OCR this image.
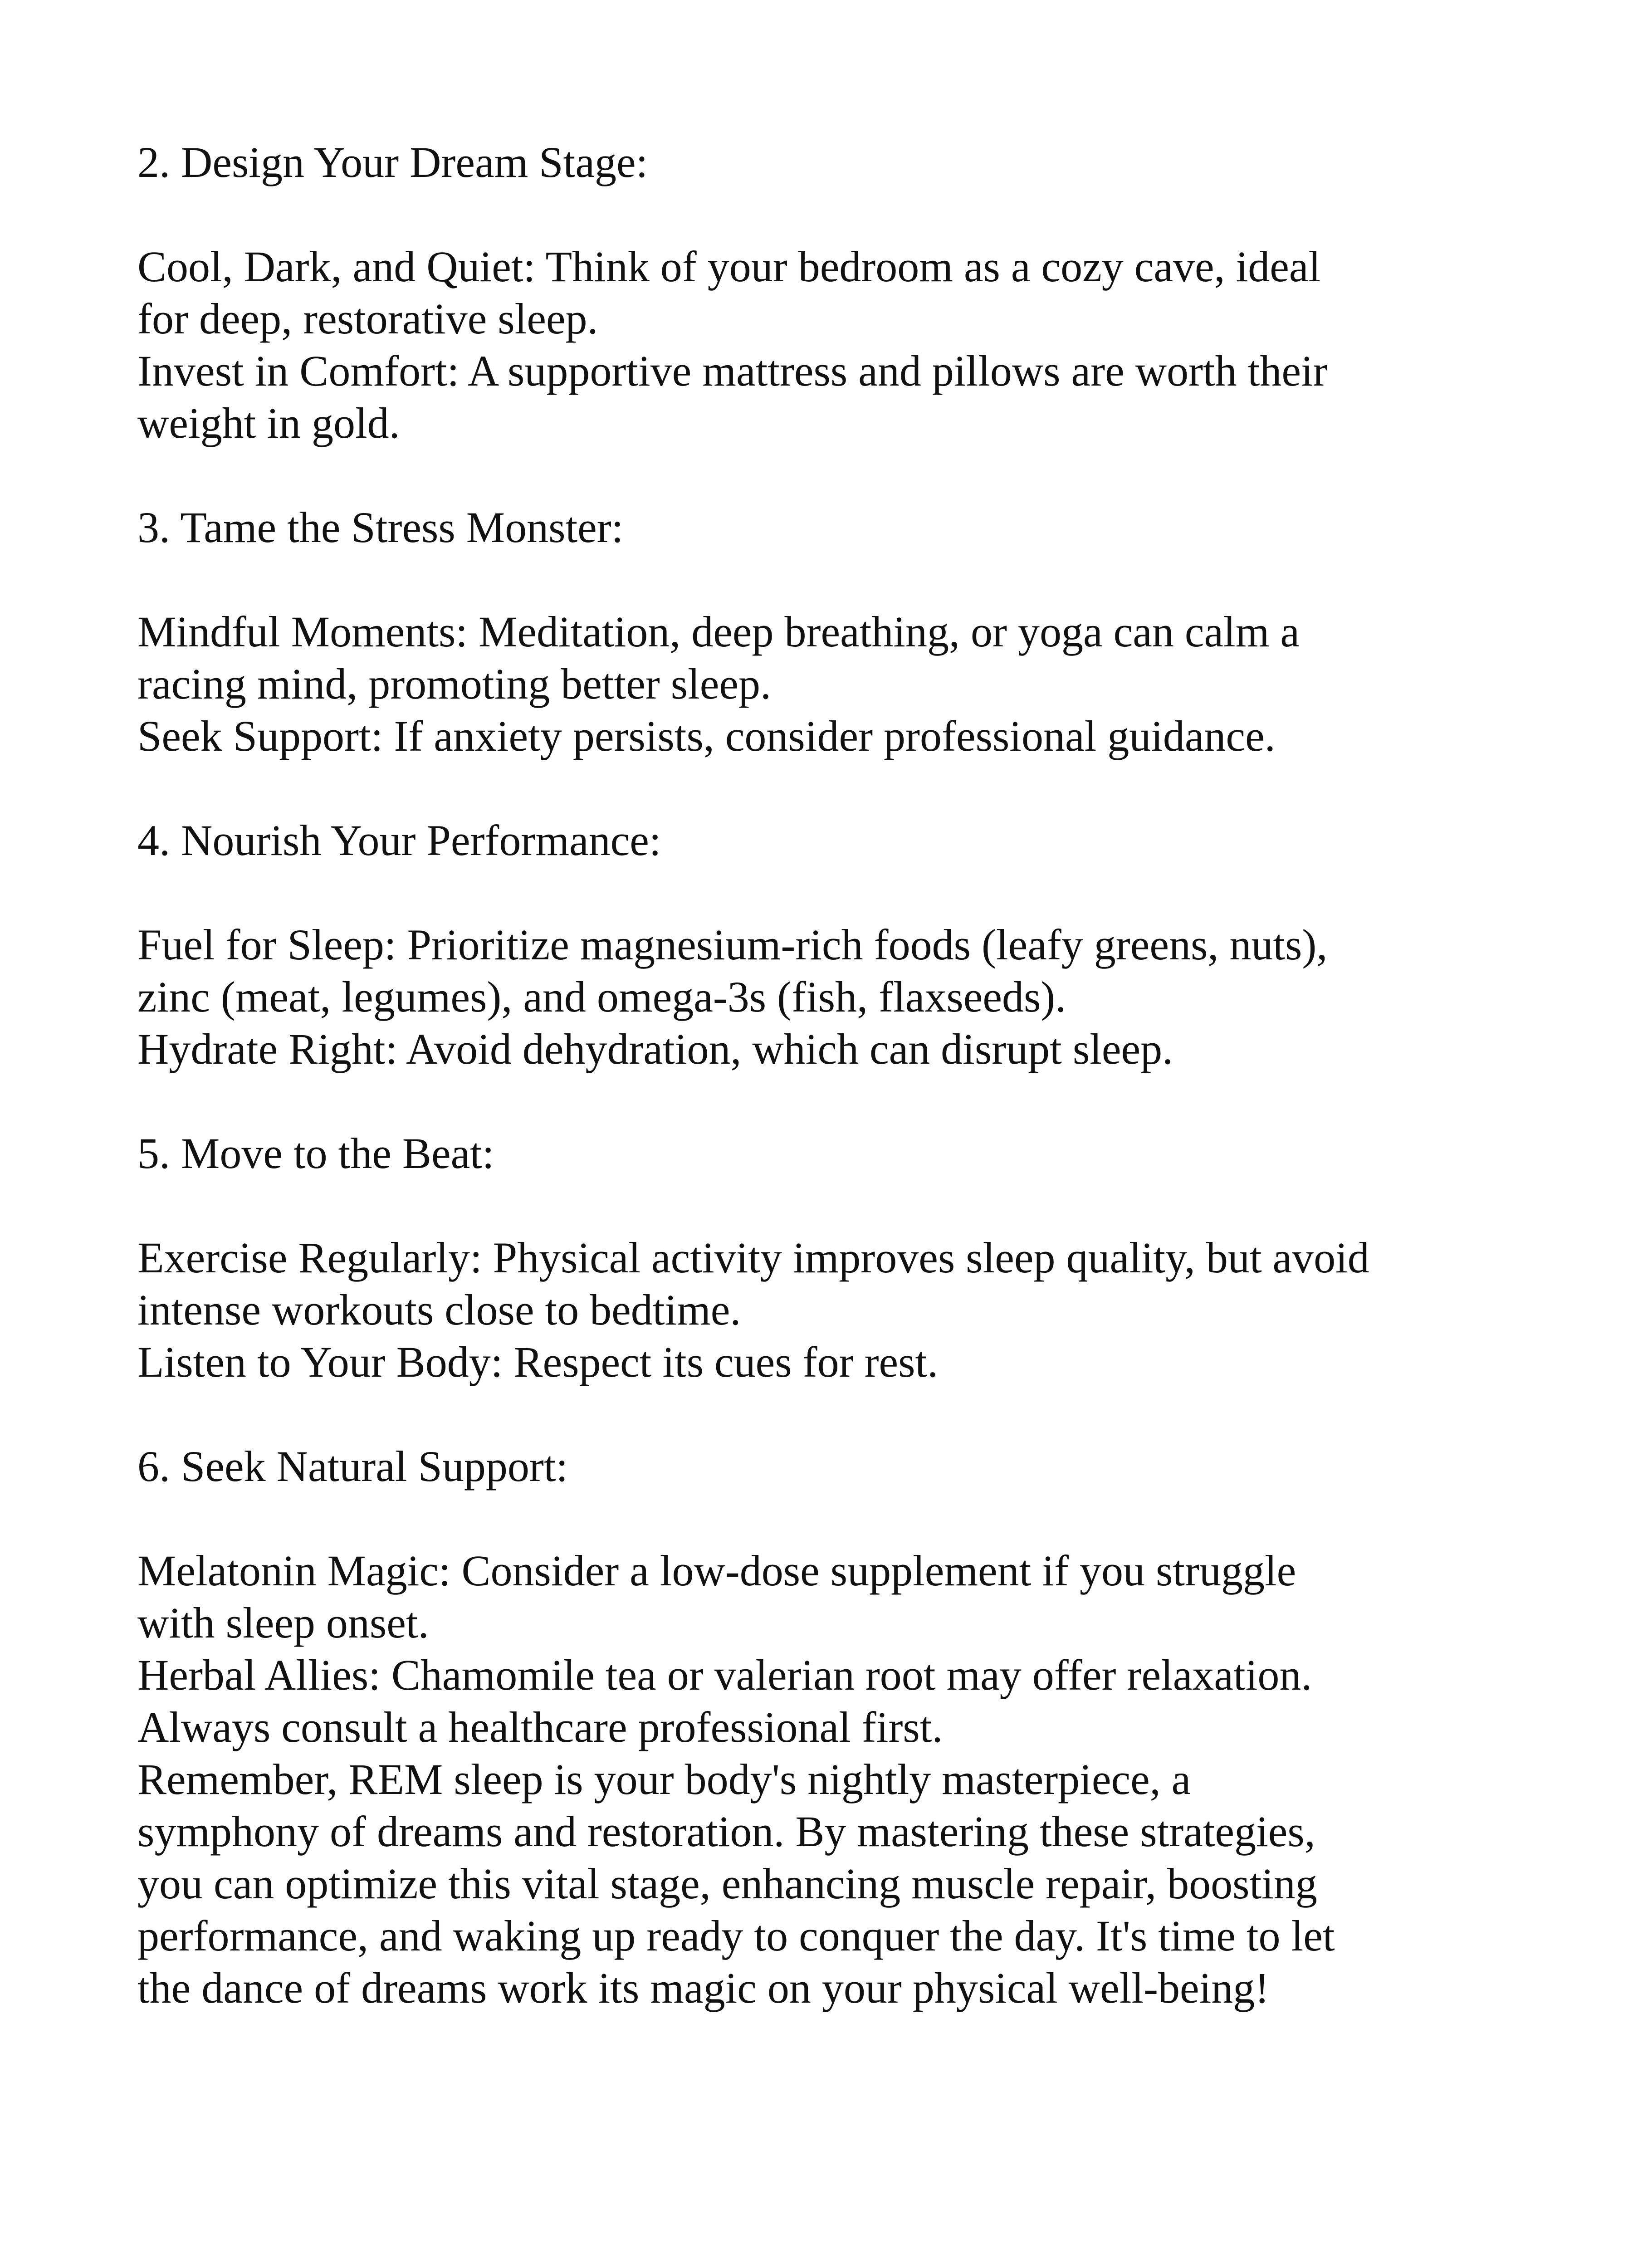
2. Design Your Dream Stage:
Cool, Dark, and Quiet: Think of your bedroom as a cozy cave, ideal
for deep, restorative sleep.
Invest in Comfort: A supportive mattress and pillows are worth their
weight in gold.
3. Tame the Stress Monster:
Mindful Moments: Meditation, deep breathing, or yoga can calm a
racing mind, promoting better sleep.
Seek Support: If anxiety persists, consider professional guidance.
4. Nourish Your Performance:
Fuel for Sleep: Prioritize magnesium-rich foods (leafy greens, nuts),
zinc (meat, legumes), and omega-3s (fish, flaxseeds).
Hydrate Right: Avoid dehydration, which can disrupt sleep.
5. Move to the Beat:
Exercise Regularly: Physical activity improves sleep quality, but avoid
intense workouts close to bedtime.
Listen to Your Body: Respect its cues for rest.
6. Seek Natural Support:
Melatonin Magic: Consider a low-dose supplement if you struggle
with sleep onset.
Herbal Allies: Chamomile tea or valerian root may offer relaxation.
Always consult a healthcare professional first.
Remember, REM sleep is your body's nightly masterpiece, a
symphony of dreams and restoration. By mastering these strategies,
you can optimize this vital stage, enhancing muscle repair, boosting
performance, and waking up ready to conquer the day. It's time to let
the dance of dreams work its magic on your physical well-being!
